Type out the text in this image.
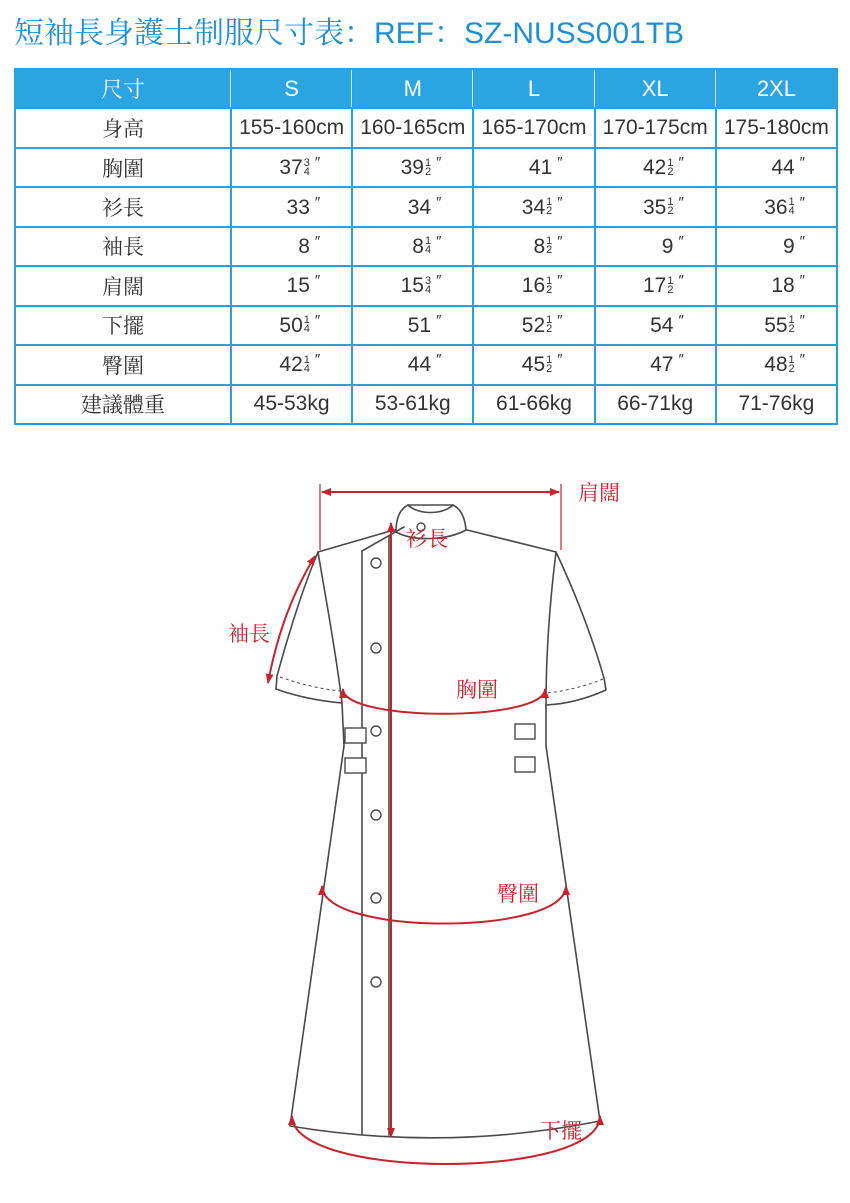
短袖長身護士制服尺寸表：REF：SZ-NUSS001TB
尺寸	S	M	L	XL	2XL
身高	155-160cm 160-165cm 165-170cm 170-175cm 175-180cm
胸圍	37 3
4
″	39 1
2
″	41 ″	42 1
2
″	44 ″
衫長	33 ″	34 ″	34 1
2
″	35 1
2
″	36 1
4
″
袖長	8 ″	8 1
4
″	8 1
2
″	9 ″	9 ″
肩闊	15 ″	15 3
4
″	16 1
2
″	17 1
2
″	18 ″
下擺	50 1
4
″	51 ″	52 1
2
″	54 ″	55 1
2
″
臀圍	42 1
4
″	44 ″	45 1
2
″	47 ″	48 1
2
″
建議體重	45-53kg	53-61kg	61-66kg	66-71kg	71-76kg
肩闊
衫長
袖長
胸圍
臀圍
下擺
